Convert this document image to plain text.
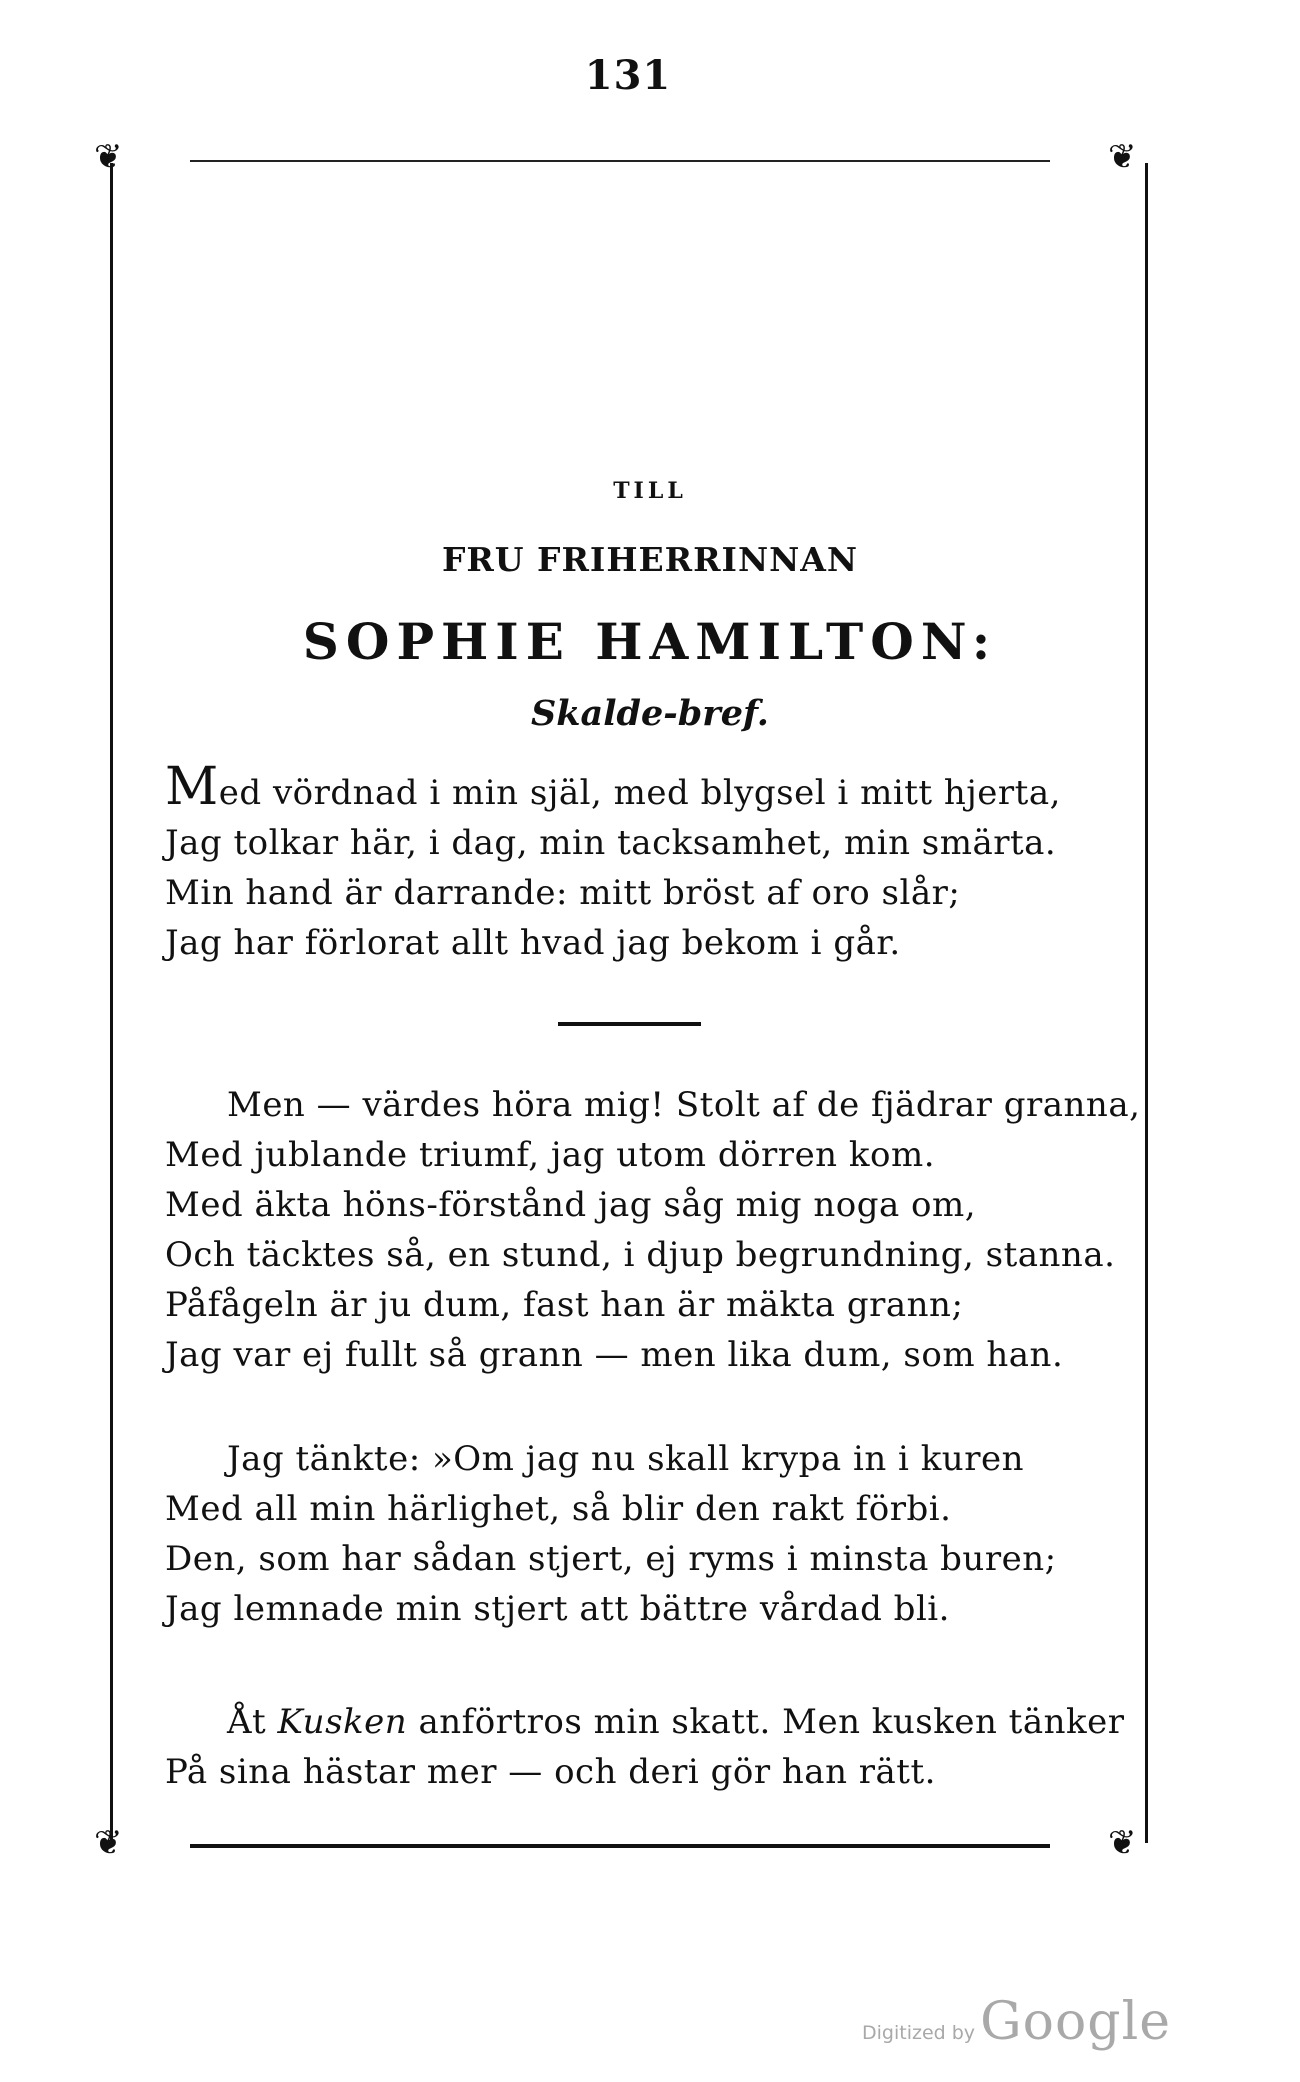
131
❦	❦
❦	❦
TILL
FRU FRIHERRINNAN
SOPHIE HAMILTON:
Skalde-bref.
Med vördnad i min själ, med blygsel i mitt hjerta,
Jag tolkar här, i dag, min tacksamhet, min smärta.
Min hand är darrande: mitt bröst af oro slår;
Jag har förlorat allt hvad jag bekom i går.
Men — värdes höra mig! Stolt af de fjädrar granna,
Med jublande triumf, jag utom dörren kom.
Med äkta höns-förstånd jag såg mig noga om,
Och täcktes så, en stund, i djup begrundning, stanna.
Påfågeln är ju dum, fast han är mäkta grann;
Jag var ej fullt så grann — men lika dum, som han.
Jag tänkte: »Om jag nu skall krypa in i kuren
Med all min härlighet, så blir den rakt förbi.
Den, som har sådan stjert, ej ryms i minsta buren;
Jag lemnade min stjert att bättre vårdad bli.
Åt Kusken anförtros min skatt. Men kusken tänker
På sina hästar mer — och deri gör han rätt.
Digitized by Google
